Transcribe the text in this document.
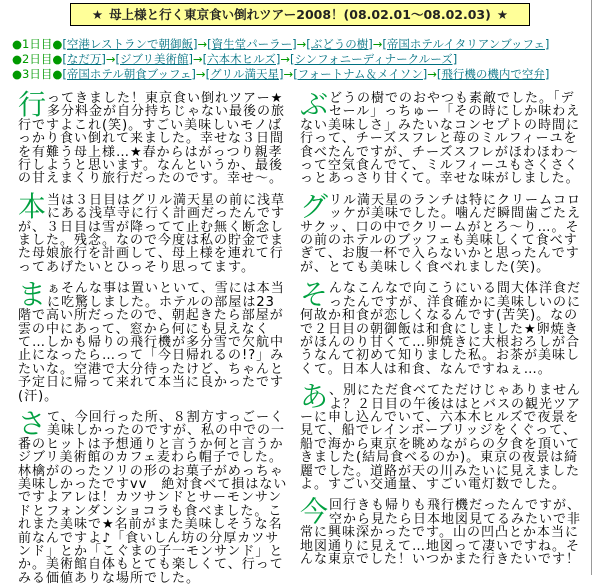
★ 母上様と行く東京食い倒れツアー2008！(08.02.01〜08.02.03) ★
●1日目● [空港レストランで朝御飯] → [資生堂パーラー] → [ぶどうの樹] → [帝国ホテルイタリアンブッフェ]
●2日目● [なだ万] → [ジブリ美術館] → [六本木ヒルズ] → [シンフォニーディナークルーズ]
●3日目● [帝国ホテル朝食ブッフェ] → [グリル満天星] → [フォートナム＆メイソン] → [飛行機の機内で空弁]

行ってきました！東京食い倒れツアー★多分料金が自分持ちじゃない最後の旅行ですよこれ(笑)。すごい美味しいモノばっかり食い倒れて来ました。幸せな３日間を有難う母上様…★春からはがっつり親孝行しようと思います。なんというか、最後の甘えまくり旅行だったのです。幸せ～。

本当は３日目はグリル満天星の前に浅草にある浅草寺に行く計画だったんですが、３日目は雪が降ってて止む無く断念しました。残念。なので今度は私の貯金でまた母娘旅行を計画して、母上様を連れて行ってあげたいとひっそり思ってます。

まぁそんな事は置いといて、雪には本当に吃驚しました。ホテルの部屋は23階で高い所だったので、朝起きたら部屋が雲の中にあって、窓から何にも見えなくて…しかも帰りの飛行機が多分雪で欠航中止になったら…って「今日帰れるの!?」みたいな。空港で大分待ったけど、ちゃんと予定日に帰って来れて本当に良かったです(汗)。

さて、今回行った所、８割方すっごーく美味しかったのですが、私の中での一番のヒットは予想通りと言うか何と言うかジブリ美術館のカフェ麦わら帽子でした。林檎がのったソリの形のお菓子がめっちゃ美味しかったですvv　絶対食べて損はないですよアレは！カツサンドとサーモンサンドとフォンダンショコラも食べました。これまた美味で★名前がまた美味しそうな名前なんですよ♪「食いしん坊の分厚カツサンド」とか「こぐまの子一モンサンド」とか。美術館自体もとても楽しくて、行ってみる価値ありな場所でした。

ぶどうの樹でのおやつも素敵でした。「デセール」っちゅー「その時にしか味わえない美味しさ」みたいなコンセプトの時間に行って、チーズスフレと苺のミルフィーユを食べたんですが、チーズスフレがほわほわ～って空気食んでて、ミルフィーユもさくさくっとあっさり甘くて。幸せな味がしました。

グリル満天星のランチは特にクリームコロッケが美味でした。噛んだ瞬間歯ごたえサクッ、口の中でクリームがとろ～り…。その前のホテルのブッフェも美味しくて食べすぎて、お腹一杯で入らないかと思ったんですが、とても美味しく食べれました(笑)。

そんなこんなで向こうにいる間大体洋食だったんですが、洋食確かに美味しいのに何故か和食が恋しくなるんです(苦笑)。なので２日目の朝御飯は和食にしました★卵焼きがほんのり甘くて…卵焼きに大根おろしが合うなんて初めて知りました私。お茶が美味しくて。日本人は和食、なんですねぇ…。

あ 、別にただ食べてただけじゃありませんよ？２日目の午後ははとバスの観光ツアーに申し込んでいて、六本木ヒルズで夜景を見て、船でレインボーブリッジをくぐって、船で海から東京を眺めながらの夕食を頂いてきました(結局食べるのか)。東京の夜景は綺麗でした。道路が天の川みたいに見えましたよ。すごい交通量、すごい電灯数でした。

今回行きも帰りも飛行機だったんですが、空から見たら日本地図見てるみたいで非常に興味深かったです。山の凹凸とか本当に地図通りに見えて…地図って凄いですね。そんな東京でした！いつかまた行きたいです！
